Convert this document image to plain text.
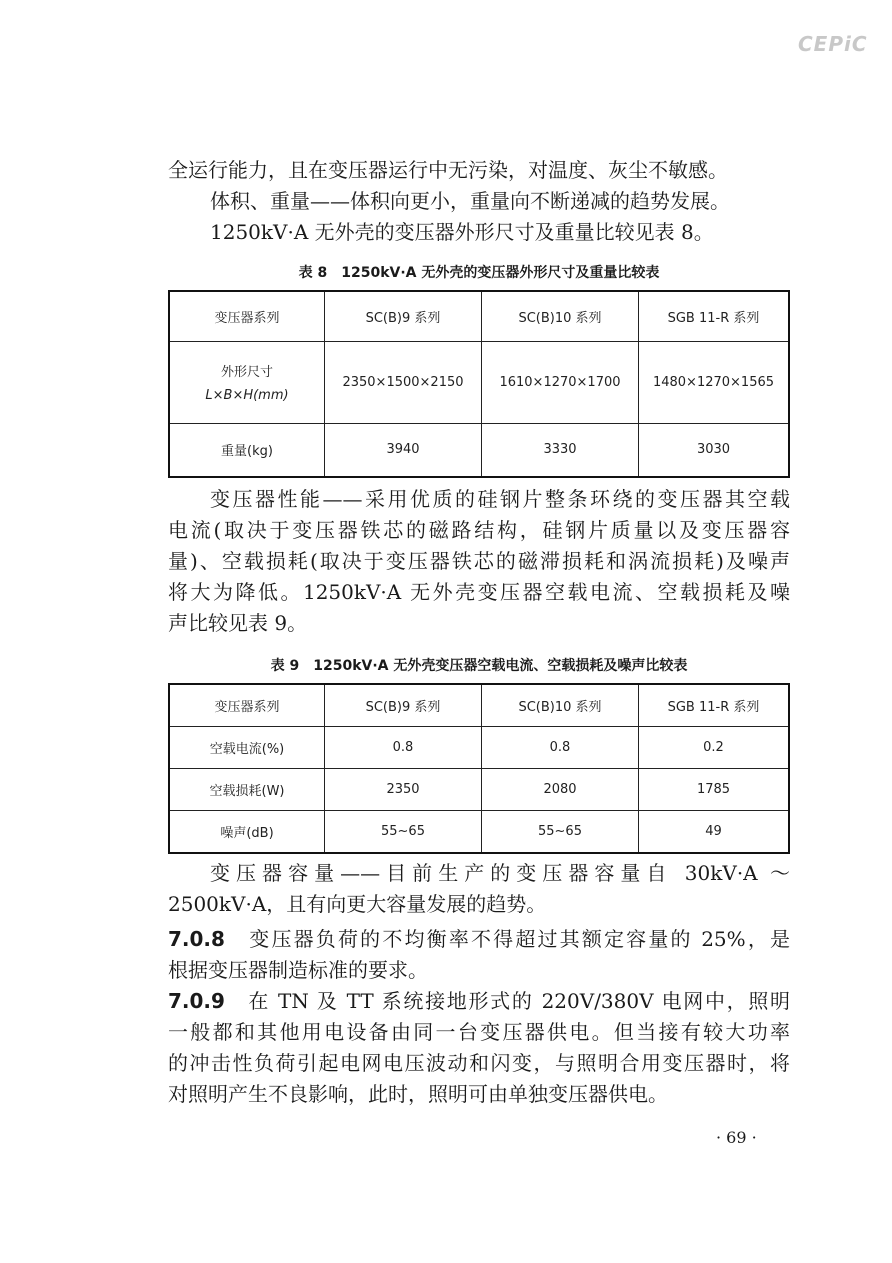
CEPiC
全运行能力，且在变压器运行中无污染，对温度、灰尘不敏感。
体积、重量——体积向更小，重量向不断递减的趋势发展。
1250kV·A 无外壳的变压器外形尺寸及重量比较见表 8。
表 8　1250kV·A 无外壳的变压器外形尺寸及重量比较表
变压器系列	SC(B)9 系列	SC(B)10 系列	SGB 11-R 系列

外形尺寸
L×B×H(mm)	2350×1500×2150	1610×1270×1700	1480×1270×1565
重量(kg)	3940	3330	3030
变压器性能——采用优质的硅钢片整条环绕的变压器其空载
电流(取决于变压器铁芯的磁路结构，硅钢片质量以及变压器容
量)、空载损耗(取决于变压器铁芯的磁滞损耗和涡流损耗)及噪声
将大为降低。1250kV·A 无外壳变压器空载电流、空载损耗及噪
声比较见表 9。
表 9　1250kV·A 无外壳变压器空载电流、空载损耗及噪声比较表
变压器系列	SC(B)9 系列	SC(B)10 系列	SGB 11-R 系列
空载电流(%)	0.8	0.8	0.2
空载损耗(W)	2350	2080	1785
噪声(dB)	55~65	55~65	49
变压器容量——目前生产的变压器容量自 30kV·A ～
2500kV·A，且有向更大容量发展的趋势。
7.0.8　 变压器负荷的不均衡率不得超过其额定容量的 25%，是
根据变压器制造标准的要求。
7.0.9　 在 TN 及 TT 系统接地形式的 220V/380V 电网中，照明
一般都和其他用电设备由同一台变压器供电。但当接有较大功率
的冲击性负荷引起电网电压波动和闪变，与照明合用变压器时，将
对照明产生不良影响，此时，照明可由单独变压器供电。
· 69 ·
